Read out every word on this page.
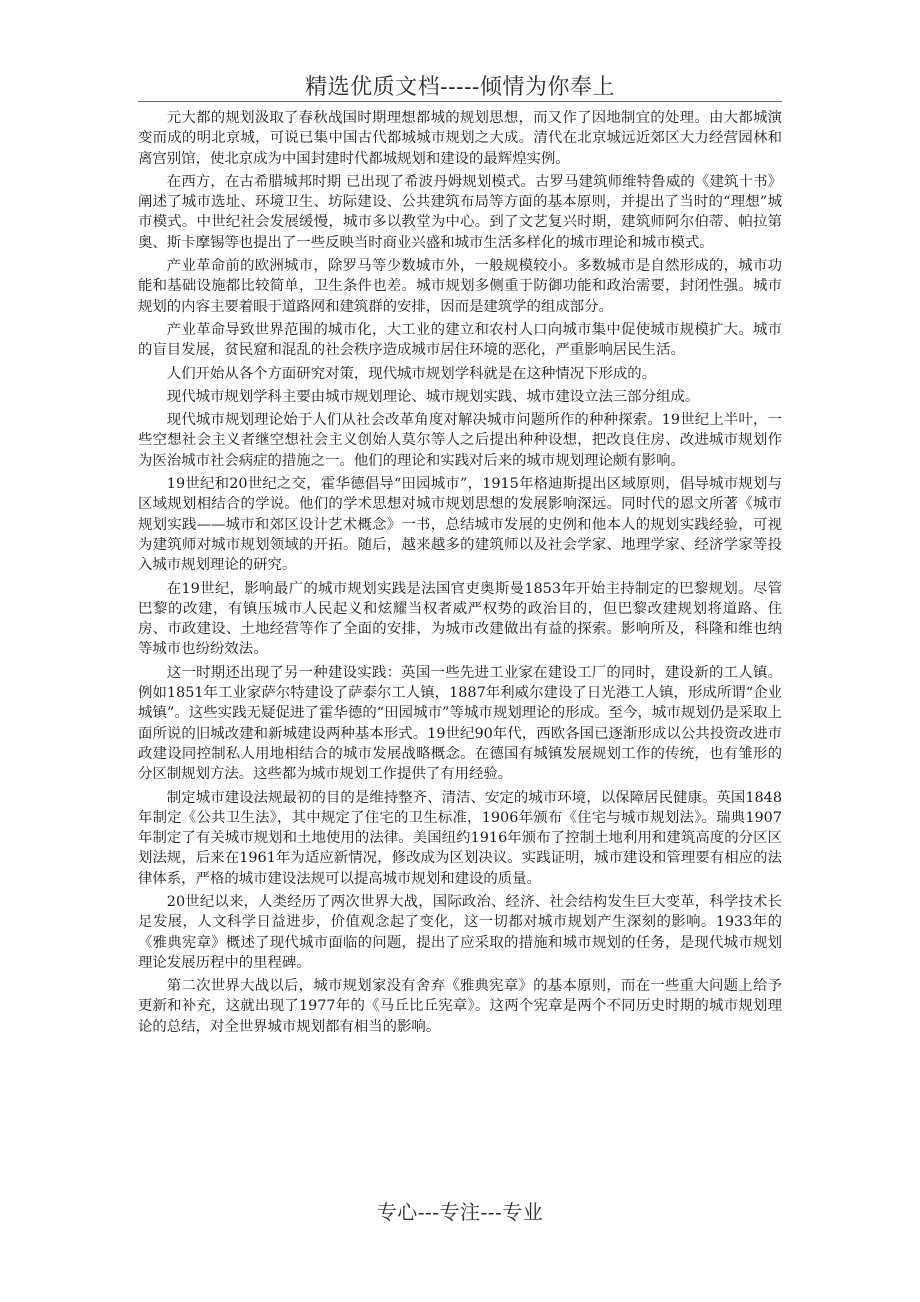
精选优质文档-----倾情为你奉上

元大都的规划汲取了春秋战国时期理想都城的规划思想，而又作了因地制宜的处理。由大都城演变而成的明北京城，可说已集中国古代都城城市规划之大成。清代在北京城远近郊区大力经营园林和离宫别馆，使北京成为中国封建时代都城规划和建设的最辉煌实例。

在西方，在古希腊城邦时期 已出现了希波丹姆规划模式。古罗马建筑师维特鲁威的《建筑十书》阐述了城市选址、环境卫生、坊际建设、公共建筑布局等方面的基本原则，并提出了当时的“理想”城市模式。中世纪社会发展缓慢，城市多以教堂为中心。到了文艺复兴时期，建筑师阿尔伯蒂、帕拉第奥、斯卡摩锡等也提出了一些反映当时商业兴盛和城市生活多样化的城市理论和城市模式。

产业革命前的欧洲城市，除罗马等少数城市外，一般规模较小。多数城市是自然形成的，城市功能和基础设施都比较简单，卫生条件也差。城市规划多侧重于防御功能和政治需要，封闭性强。城市规划的内容主要着眼于道路网和建筑群的安排，因而是建筑学的组成部分。

产业革命导致世界范围的城市化，大工业的建立和农村人口向城市集中促使城市规模扩大。城市的盲目发展，贫民窟和混乱的社会秩序造成城市居住环境的恶化，严重影响居民生活。

人们开始从各个方面研究对策，现代城市规划学科就是在这种情况下形成的。

现代城市规划学科主要由城市规划理论、城市规划实践、城市建设立法三部分组成。

现代城市规划理论始于人们从社会改革角度对解决城市问题所作的种种探索。19世纪上半叶，一些空想社会主义者继空想社会主义创始人莫尔等人之后提出种种设想，把改良住房、改进城市规划作为医治城市社会病症的措施之一。他们的理论和实践对后来的城市规划理论颇有影响。

19世纪和20世纪之交，霍华德倡导“田园城市”，1915年格迪斯提出区域原则，倡导城市规划与区域规划相结合的学说。他们的学术思想对城市规划思想的发展影响深远。同时代的恩文所著《城市规划实践——城市和郊区设计艺术概念》一书，总结城市发展的史例和他本人的规划实践经验，可视为建筑师对城市规划领域的开拓。随后，越来越多的建筑师以及社会学家、地理学家、经济学家等投入城市规划理论的研究。

在19世纪，影响最广的城市规划实践是法国官吏奥斯曼1853年开始主持制定的巴黎规划。尽管巴黎的改建，有镇压城市人民起义和炫耀当权者威严权势的政治目的，但巴黎改建规划将道路、住房、市政建设、土地经营等作了全面的安排，为城市改建做出有益的探索。影响所及，科隆和维也纳等城市也纷纷效法。

这一时期还出现了另一种建设实践：英国一些先进工业家在建设工厂的同时，建设新的工人镇。例如1851年工业家萨尔特建设了萨泰尔工人镇，1887年利威尔建设了日光港工人镇，形成所谓“企业城镇”。这些实践无疑促进了霍华德的“田园城市”等城市规划理论的形成。至今，城市规划仍是采取上面所说的旧城改建和新城建设两种基本形式。19世纪90年代，西欧各国已逐渐形成以公共投资改进市政建设同控制私人用地相结合的城市发展战略概念。在德国有城镇发展规划工作的传统，也有雏形的分区制规划方法。这些都为城市规划工作提供了有用经验。

制定城市建设法规最初的目的是维持整齐、清洁、安定的城市环境，以保障居民健康。英国1848年制定《公共卫生法》，其中规定了住宅的卫生标准，1906年颁布《住宅与城市规划法》。瑞典1907年制定了有关城市规划和土地使用的法律。美国纽约1916年颁布了控制土地利用和建筑高度的分区区划法规，后来在1961年为适应新情况，修改成为区划决议。实践证明，城市建设和管理要有相应的法律体系，严格的城市建设法规可以提高城市规划和建设的质量。

20世纪以来，人类经历了两次世界大战，国际政治、经济、社会结构发生巨大变革，科学技术长足发展，人文科学日益进步，价值观念起了变化，这一切都对城市规划产生深刻的影响。1933年的《雅典宪章》概述了现代城市面临的问题，提出了应采取的措施和城市规划的任务，是现代城市规划理论发展历程中的里程碑。

第二次世界大战以后，城市规划家没有舍弃《雅典宪章》的基本原则，而在一些重大问题上给予更新和补充，这就出现了1977年的《马丘比丘宪章》。这两个宪章是两个不同历史时期的城市规划理论的总结，对全世界城市规划都有相当的影响。

专心---专注---专业
